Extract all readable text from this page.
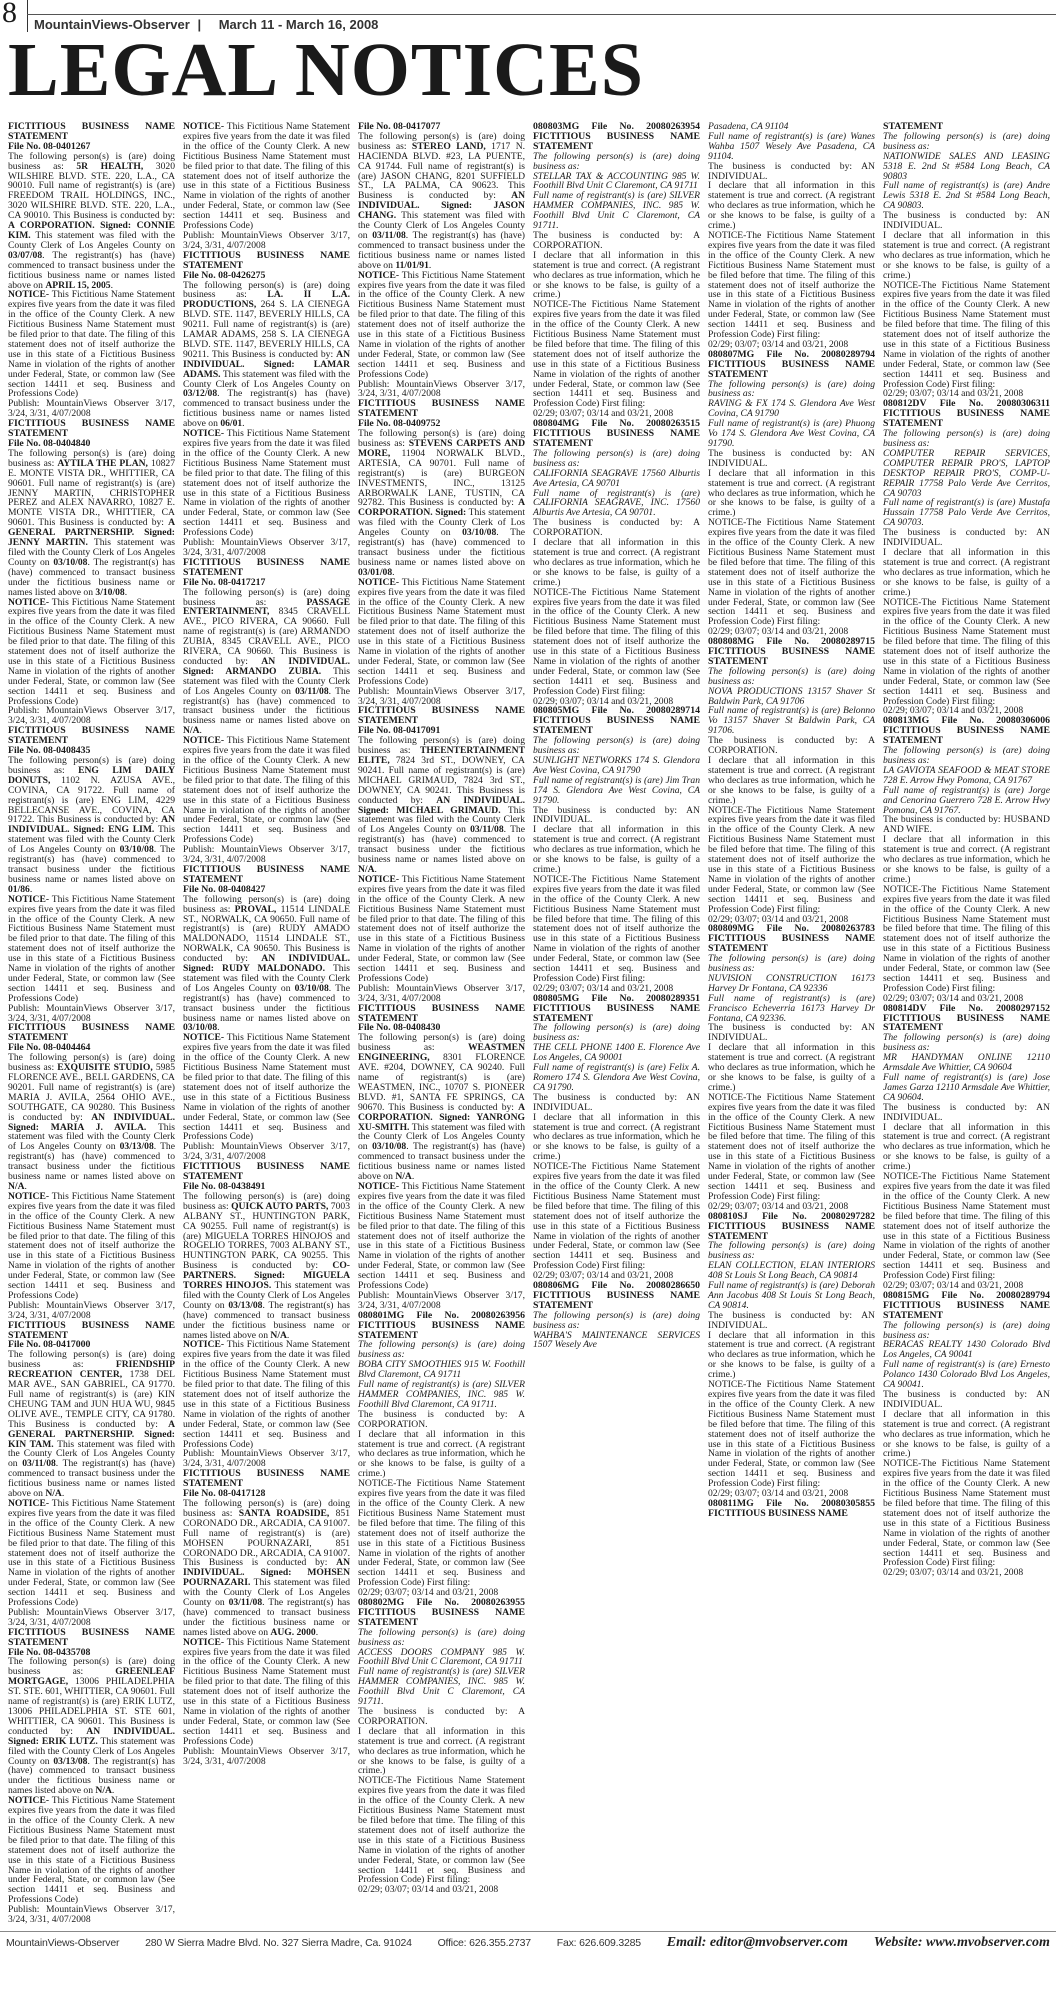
8 MountainViews-Observer | March 11 - March 16, 2008
LEGAL NOTICES

FICTITIOUS BUSINESS NAME STATEMENT

File No. 08-0401267

The following person(s) is (are) doing business as: 5R HEALTH, 3020 WILSHIRE BLVD. STE. 220, L.A., CA 90010. Full name of registrant(s) is (are) FREEDOM TRAIL HOLDINGS, INC., 3020 WILSHIRE BLVD. STE. 220, L.A., CA 90010. This Business is conducted by: A CORPORATION. Signed: CONNIE KIM. This statement was filed with the County Clerk of Los Angeles County on 03/07/08. The registrant(s) has (have) commenced to transact business under the fictitious business name or names listed above on APRIL 15, 2005.

NOTICE- This Fictitious Name Statement expires five years from the date it was filed in the office of the County Clerk. A new Fictitious Business Name Statement must be filed prior to that date. The filing of this statement does not of itself authorize the use in this state of a Fictitious Business Name in violation of the rights of another under Federal, State, or common law (See section 14411 et seq. Business and Professions Code)

Publish: MountainViews Observer 3/17, 3/24, 3/31, 4/07/2008

FICTITIOUS BUSINESS NAME STATEMENT

File No. 08-0404840

The following person(s) is (are) doing business as: AYTILA THE PLAN, 10827 E. MONTE VISTA DR., WHITTIER, CA 90601. Full name of registrant(s) is (are) JENNY MARTIN, CHRISTOPHER PEREZ and ALEX NAVARRO, 10827 E. MONTE VISTA DR., WHITTIER, CA 90601. This Business is conducted by: A GENERAL PARTNERSHIP. Signed: JENNY MARTIN. This statement was filed with the County Clerk of Los Angeles County on 03/10/08. The registrant(s) has (have) commenced to transact business under the fictitious business name or names listed above on 3/10/08.

NOTICE- This Fictitious Name Statement expires five years from the date it was filed in the office of the County Clerk. A new Fictitious Business Name Statement must be filed prior to that date. The filing of this statement does not of itself authorize the use in this state of a Fictitious Business Name in violation of the rights of another under Federal, State, or common law (See section 14411 et seq. Business and Professions Code)

Publish: MountainViews Observer 3/17, 3/24, 3/31, 4/07/2008

FICTITIOUS BUSINESS NAME STATEMENT

File No. 08-0408435

The following person(s) is (are) doing business as: ENG LIM DAILY DONUTS, 1102 N. AZUSA AVE., COVINA, CA 91722. Full name of registrant(s) is (are) ENG LIM, 4229 BELLECANSE AVE., COVINA, CA 91722. This Business is conducted by: AN INDIVIDUAL. Signed: ENG LIM. This statement was filed with the County Clerk of Los Angeles County on 03/10/08. The registrant(s) has (have) commenced to transact business under the fictitious business name or names listed above on 01/86.

NOTICE- This Fictitious Name Statement expires five years from the date it was filed in the office of the County Clerk. A new Fictitious Business Name Statement must be filed prior to that date. The filing of this statement does not of itself authorize the use in this state of a Fictitious Business Name in violation of the rights of another under Federal, State, or common law (See section 14411 et seq. Business and Professions Code)

Publish: MountainViews Observer 3/17, 3/24, 3/31, 4/07/2008

FICTITIOUS BUSINESS NAME STATEMENT

File No. 08-0404464

The following person(s) is (are) doing business as: EXQUISITE STUDIO, 5985 FLORENCE AVE., BELL GARDENS, CA 90201. Full name of registrant(s) is (are) MARIA J. AVILA, 2564 OHIO AVE., SOUTHGATE, CA 90280. This Business is conducted by: AN INDIVIDUAL. Signed: MARIA J. AVILA. This statement was filed with the County Clerk of Los Angeles County on 03/13/08. The registrant(s) has (have) commenced to transact business under the fictitious business name or names listed above on N/A.

NOTICE- This Fictitious Name Statement expires five years from the date it was filed in the office of the County Clerk. A new Fictitious Business Name Statement must be filed prior to that date. The filing of this statement does not of itself authorize the use in this state of a Fictitious Business Name in violation of the rights of another under Federal, State, or common law (See section 14411 et seq. Business and Professions Code)

Publish: MountainViews Observer 3/17, 3/24, 3/31, 4/07/2008

FICTITIOUS BUSINESS NAME STATEMENT

File No. 08-0417000

The following person(s) is (are) doing business as: FRIENDSHIP RECREATION CENTER, 1738 DEL MAR AVE., SAN GABRIEL, CA 91770. Full name of registrant(s) is (are) KIN CHEUNG TAM and JUN HUA WU, 9845 OLIVE AVE., TEMPLE CITY, CA 91780. This Business is conducted by: A GENERAL PARTNERSHIP. Signed: KIN TAM. This statement was filed with the County Clerk of Los Angeles County on 03/11/08. The registrant(s) has (have) commenced to transact business under the fictitious business name or names listed above on N/A.

NOTICE- This Fictitious Name Statement expires five years from the date it was filed in the office of the County Clerk. A new Fictitious Business Name Statement must be filed prior to that date. The filing of this statement does not of itself authorize the use in this state of a Fictitious Business Name in violation of the rights of another under Federal, State, or common law (See section 14411 et seq. Business and Professions Code)

Publish: MountainViews Observer 3/17, 3/24, 3/31, 4/07/2008

FICTITIOUS BUSINESS NAME STATEMENT

File No. 08-0435708

The following person(s) is (are) doing business as: GREENLEAF MORTGAGE, 13006 PHILADELPHIA ST. STE. 601, WHITTIER, CA 90601. Full name of registrant(s) is (are) ERIK LUTZ, 13006 PHILADELPHIA ST. STE 601, WHITTIER, CA 90601. This Business is conducted by: AN INDIVIDUAL. Signed: ERIK LUTZ. This statement was filed with the County Clerk of Los Angeles County on 03/13/08. The registrant(s) has (have) commenced to transact business under the fictitious business name or names listed above on N/A.

NOTICE- This Fictitious Name Statement expires five years from the date it was filed in the office of the County Clerk. A new Fictitious Business Name Statement must be filed prior to that date. The filing of this statement does not of itself authorize the use in this state of a Fictitious Business Name in violation of the rights of another under Federal, State, or common law (See section 14411 et seq. Business and Professions Code)

Publish: MountainViews Observer 3/17, 3/24, 3/31, 4/07/2008

NOTICE- This Fictitious Name Statement expires five years from the date it was filed in the office of the County Clerk. A new Fictitious Business Name Statement must be filed prior to that date. The filing of this statement does not of itself authorize the use in this state of a Fictitious Business Name in violation of the rights of another under Federal, State, or common law (See section 14411 et seq. Business and Professions Code)

Publish: MountainViews Observer 3/17, 3/24, 3/31, 4/07/2008

FICTITIOUS BUSINESS NAME STATEMENT

File No. 08-0426275

The following person(s) is (are) doing business as: LA. II L.A. PRODUCTIONS, 264 S. LA CIENEGA BLVD. STE. 1147, BEVERLY HILLS, CA 90211. Full name of registrant(s) is (are) LAMAR ADAMS, 258 S. LA CIENEGA BLVD. STE. 1147, BEVERLY HILLS, CA 90211. This Business is conducted by: AN INDIVIDUAL. Signed: LAMAR ADAMS. This statement was filed with the County Clerk of Los Angeles County on 03/12/08. The registrant(s) has (have) commenced to transact business under the fictitious business name or names listed above on 06/01.

NOTICE- This Fictitious Name Statement expires five years from the date it was filed in the office of the County Clerk. A new Fictitious Business Name Statement must be filed prior to that date. The filing of this statement does not of itself authorize the use in this state of a Fictitious Business Name in violation of the rights of another under Federal, State, or common law (See section 14411 et seq. Business and Professions Code)

Publish: MountainViews Observer 3/17, 3/24, 3/31, 4/07/2008

FICTITIOUS BUSINESS NAME STATEMENT

File No. 08-0417217

The following person(s) is (are) doing business as: PASSAGE ENTERTAINMENT, 8345 CRAVELL AVE., PICO RIVERA, CA 90660. Full name of registrant(s) is (are) ARMANDO ZUBIA, 8345 CRAVELL AVE., PICO RIVERA, CA 90660. This Business is conducted by: AN INDIVIDUAL. Signed: ARMANDO ZUBIA. This statement was filed with the County Clerk of Los Angeles County on 03/11/08. The registrant(s) has (have) commenced to transact business under the fictitious business name or names listed above on N/A.

NOTICE- This Fictitious Name Statement expires five years from the date it was filed in the office of the County Clerk. A new Fictitious Business Name Statement must be filed prior to that date. The filing of this statement does not of itself authorize the use in this state of a Fictitious Business Name in violation of the rights of another under Federal, State, or common law (See section 14411 et seq. Business and Professions Code)

Publish: MountainViews Observer 3/17, 3/24, 3/31, 4/07/2008

FICTITIOUS BUSINESS NAME STATEMENT

File No. 08-0408427

The following person(s) is (are) doing business as: PROVAL, 11514 LINDALE ST., NORWALK, CA 90650. Full name of registrant(s) is (are) RUDY AMADO MALDONADO, 11514 LINDALE ST., NORWALK, CA 90650. This Business is conducted by: AN INDIVIDUAL. Signed: RUDY MALDONADO. This statement was filed with the County Clerk of Los Angeles County on 03/10/08. The registrant(s) has (have) commenced to transact business under the fictitious business name or names listed above on 03/10/08.

NOTICE- This Fictitious Name Statement expires five years from the date it was filed in the office of the County Clerk. A new Fictitious Business Name Statement must be filed prior to that date. The filing of this statement does not of itself authorize the use in this state of a Fictitious Business Name in violation of the rights of another under Federal, State, or common law (See section 14411 et seq. Business and Professions Code)

Publish: MountainViews Observer 3/17, 3/24, 3/31, 4/07/2008

FICTITIOUS BUSINESS NAME STATEMENT

File No. 08-0438491

The following person(s) is (are) doing business as: QUICK AUTO PARTS, 7003 ALBANY ST., HUNTINGTON PARK, CA 90255. Full name of registrant(s) is (are) MIGUELA TORRES HINOJOS and ROGELIO TORRES, 7003 ALBANY ST., HUNTINGTON PARK, CA 90255. This Business is conducted by: CO-PARTNERS. Signed: MIGUELA TORRES HINOJOS. This statement was filed with the County Clerk of Los Angeles County on 03/13/08. The registrant(s) has (have) commenced to transact business under the fictitious business name or names listed above on N/A.

NOTICE- This Fictitious Name Statement expires five years from the date it was filed in the office of the County Clerk. A new Fictitious Business Name Statement must be filed prior to that date. The filing of this statement does not of itself authorize the use in this state of a Fictitious Business Name in violation of the rights of another under Federal, State, or common law (See section 14411 et seq. Business and Professions Code)

Publish: MountainViews Observer 3/17, 3/24, 3/31, 4/07/2008

FICTITIOUS BUSINESS NAME STATEMENT

File No. 08-0417128

The following person(s) is (are) doing business as: SANTA ROADSIDE, 851 CORONADO DR., ARCADIA, CA 91007. Full name of registrant(s) is (are) MOHSEN POURNAZARI, 851 CORONADO DR., ARCADIA, CA 91007. This Business is conducted by: AN INDIVIDUAL. Signed: MOHSEN POURNAZARI. This statement was filed with the County Clerk of Los Angeles County on 03/11/08. The registrant(s) has (have) commenced to transact business under the fictitious business name or names listed above on AUG. 2000.

NOTICE- This Fictitious Name Statement expires five years from the date it was filed in the office of the County Clerk. A new Fictitious Business Name Statement must be filed prior to that date. The filing of this statement does not of itself authorize the use in this state of a Fictitious Business Name in violation of the rights of another under Federal, State, or common law (See section 14411 et seq. Business and Professions Code)

Publish: MountainViews Observer 3/17, 3/24, 3/31, 4/07/2008

File No. 08-0417077

The following person(s) is (are) doing business as: STEREO LAND, 1717 N. HACIENDA BLVD. #23, LA PUENTE, CA 91744. Full name of registrant(s) is (are) JASON CHANG, 8201 SUFFIELD ST., LA PALMA, CA 90623. This Business is conducted by: AN INDIVIDUAL. Signed: JASON CHANG. This statement was filed with the County Clerk of Los Angeles County on 03/11/08. The registrant(s) has (have) commenced to transact business under the fictitious business name or names listed above on 11/01/91.

NOTICE- This Fictitious Name Statement expires five years from the date it was filed in the office of the County Clerk. A new Fictitious Business Name Statement must be filed prior to that date. The filing of this statement does not of itself authorize the use in this state of a Fictitious Business Name in violation of the rights of another under Federal, State, or common law (See section 14411 et seq. Business and Professions Code)

Publish: MountainViews Observer 3/17, 3/24, 3/31, 4/07/2008

FICTITIOUS BUSINESS NAME STATEMENT

File No. 08-0409752

The following person(s) is (are) doing business as: STEVENS CARPETS AND MORE, 11904 NORWALK BLVD., ARTESIA, CA 90701. Full name of registrant(s) is (are) BURGEON INVESTMENTS, INC., 13125 ARBORWALK LANE, TUSTIN, CA 92782. This Business is conducted by: A CORPORATION. Signed: This statement was filed with the County Clerk of Los Angeles County on 03/10/08. The registrant(s) has (have) commenced to transact business under the fictitious business name or names listed above on 03/01/08.

NOTICE- This Fictitious Name Statement expires five years from the date it was filed in the office of the County Clerk. A new Fictitious Business Name Statement must be filed prior to that date. The filing of this statement does not of itself authorize the use in this state of a Fictitious Business Name in violation of the rights of another under Federal, State, or common law (See section 14411 et seq. Business and Professions Code)

Publish: MountainViews Observer 3/17, 3/24, 3/31, 4/07/2008

FICTITIOUS BUSINESS NAME STATEMENT

File No. 08-0417091

The following person(s) is (are) doing business as: THEENTERTAINMENT ELITE, 7824 3rd ST., DOWNEY, CA 90241. Full name of registrant(s) is (are) MICHAEL GRIMAUD, 7824 3rd ST., DOWNEY, CA 90241. This Business is conducted by: AN INDIVIDUAL. Signed: MICHAEL GRIMAUD. This statement was filed with the County Clerk of Los Angeles County on 03/11/08. The registrant(s) has (have) commenced to transact business under the fictitious business name or names listed above on N/A.

NOTICE- This Fictitious Name Statement expires five years from the date it was filed in the office of the County Clerk. A new Fictitious Business Name Statement must be filed prior to that date. The filing of this statement does not of itself authorize the use in this state of a Fictitious Business Name in violation of the rights of another under Federal, State, or common law (See section 14411 et seq. Business and Professions Code)

Publish: MountainViews Observer 3/17, 3/24, 3/31, 4/07/2008

FICTITIOUS BUSINESS NAME STATEMENT

File No. 08-0408430

The following person(s) is (are) doing business as: WEASTMEN ENGINEERING, 8301 FLORENCE AVE. #204, DOWNEY, CA 90240. Full name of registrant(s) is (are) WEASTMEN, INC., 10707 S. PIONEER BLVD. #1, SANTA FE SPRINGS, CA 90670. This Business is conducted by: A CORPORATION. Signed: YANRONG XU-SMITH. This statement was filed with the County Clerk of Los Angeles County on 03/10/08. The registrant(s) has (have) commenced to transact business under the fictitious business name or names listed above on N/A.

NOTICE- This Fictitious Name Statement expires five years from the date it was filed in the office of the County Clerk. A new Fictitious Business Name Statement must be filed prior to that date. The filing of this statement does not of itself authorize the use in this state of a Fictitious Business Name in violation of the rights of another under Federal, State, or common law (See section 14411 et seq. Business and Professions Code)

Publish: MountainViews Observer 3/17, 3/24, 3/31, 4/07/2008

080801MG File No. 20080263956 FICTITIOUS BUSINESS NAME STATEMENT

The following person(s) is (are) doing business as:

BOBA CITY SMOOTHIES 915 W. Foothill Blvd Claremont, CA 91711

Full name of registrant(s) is (are) SILVER HAMMER COMPANIES, INC. 985 W. Foothill Blvd Claremont, CA 91711.

The business is conducted by: A CORPORATION.

I declare that all information in this statement is true and correct. (A registrant who declares as true information, which he or she knows to be false, is guilty of a crime.)

NOTICE-The Fictitious Name Statement expires five years from the date it was filed in the office of the County Clerk. A new Fictitious Business Name Statement must be filed before that time. The filing of this statement does not of itself authorize the use in this state of a Fictitious Business Name in violation of the rights of another under Federal, State, or common law (See section 14411 et seq. Business and Profession Code) First filing:

02/29; 03/07; 03/14 and 03/21, 2008

080802MG File No. 20080263955 FICTITIOUS BUSINESS NAME STATEMENT

The following person(s) is (are) doing business as:

ACCESS DOORS COMPANY 985 W. Foothill Blvd Unit C Claremont, CA 91711

Full name of registrant(s) is (are) SILVER HAMMER COMPANIES, INC. 985 W. Foothill Blvd Unit C Claremont, CA 91711.

The business is conducted by: A CORPORATION.

I declare that all information in this statement is true and correct. (A registrant who declares as true information, which he or she knows to be false, is guilty of a crime.)

NOTICE-The Fictitious Name Statement expires five years from the date it was filed in the office of the County Clerk. A new Fictitious Business Name Statement must be filed before that time. The filing of this statement does not of itself authorize the use in this state of a Fictitious Business Name in violation of the rights of another under Federal, State, or common law (See section 14411 et seq. Business and Profession Code) First filing:

02/29; 03/07; 03/14 and 03/21, 2008

080803MG File No. 20080263954 FICTITIOUS BUSINESS NAME STATEMENT

The following person(s) is (are) doing business as:

STELLAR TAX & ACCOUNTING 985 W. Foothill Blvd Unit C Claremont, CA 91711

Full name of registrant(s) is (are) SILVER HAMMER COMPANIES, INC. 985 W. Foothill Blvd Unit C Claremont, CA 91711.

The business is conducted by: A CORPORATION.

I declare that all information in this statement is true and correct. (A registrant who declares as true information, which he or she knows to be false, is guilty of a crime.)

NOTICE-The Fictitious Name Statement expires five years from the date it was filed in the office of the County Clerk. A new Fictitious Business Name Statement must be filed before that time. The filing of this statement does not of itself authorize the use in this state of a Fictitious Business Name in violation of the rights of another under Federal, State, or common law (See section 14411 et seq. Business and Profession Code) First filing:

02/29; 03/07; 03/14 and 03/21, 2008

080804MG File No. 20080263515 FICTITIOUS BUSINESS NAME STATEMENT

The following person(s) is (are) doing business as:

CALIFORNIA SEAGRAVE 17560 Alburtis Ave Artesia, CA 90701

Full name of registrant(s) is (are) CALIFORNIA SEAGRAVE, INC. 17560 Alburtis Ave Artesia, CA 90701.

The business is conducted by: A CORPORATION.

I declare that all information in this statement is true and correct. (A registrant who declares as true information, which he or she knows to be false, is guilty of a crime.)

NOTICE-The Fictitious Name Statement expires five years from the date it was filed in the office of the County Clerk. A new Fictitious Business Name Statement must be filed before that time. The filing of this statement does not of itself authorize the use in this state of a Fictitious Business Name in violation of the rights of another under Federal, State, or common law (See section 14411 et seq. Business and Profession Code) First filing:

02/29; 03/07; 03/14 and 03/21, 2008

080805MG File No. 20080289714 FICTITIOUS BUSINESS NAME STATEMENT

The following person(s) is (are) doing business as:

SUNLIGHT NETWORKS 174 S. Glendora Ave West Covina, CA 91790

Full name of registrant(s) is (are) Jim Tran 174 S. Glendora Ave West Covina, CA 91790.

The business is conducted by: AN INDIVIDUAL.

I declare that all information in this statement is true and correct. (A registrant who declares as true information, which he or she knows to be false, is guilty of a crime.)

NOTICE-The Fictitious Name Statement expires five years from the date it was filed in the office of the County Clerk. A new Fictitious Business Name Statement must be filed before that time. The filing of this statement does not of itself authorize the use in this state of a Fictitious Business Name in violation of the rights of another under Federal, State, or common law (See section 14411 et seq. Business and Profession Code) First filing:

02/29; 03/07; 03/14 and 03/21, 2008

080805MG File No. 20080289351 FICTITIOUS BUSINESS NAME STATEMENT

The following person(s) is (are) doing business as:

THE CELL PHONE 1400 E. Florence Ave Los Angeles, CA 90001

Full name of registrant(s) is (are) Felix A. Romero 174 S. Glendora Ave West Covina, CA 91790.

The business is conducted by: AN INDIVIDUAL.

I declare that all information in this statement is true and correct. (A registrant who declares as true information, which he or she knows to be false, is guilty of a crime.)

NOTICE-The Fictitious Name Statement expires five years from the date it was filed in the office of the County Clerk. A new Fictitious Business Name Statement must be filed before that time. The filing of this statement does not of itself authorize the use in this state of a Fictitious Business Name in violation of the rights of another under Federal, State, or common law (See section 14411 et seq. Business and Profession Code) First filing:

02/29; 03/07; 03/14 and 03/21, 2008

080806MG File No. 20080286650 FICTITIOUS BUSINESS NAME STATEMENT

The following person(s) is (are) doing business as:

WAHBA'S MAINTENANCE SERVICES 1507 Wesely Ave

Pasadena, CA 91104

Full name of registrant(s) is (are) Wanes Wahba 1507 Wesely Ave Pasadena, CA 91104.

The business is conducted by: AN INDIVIDUAL.

I declare that all information in this statement is true and correct. (A registrant who declares as true information, which he or she knows to be false, is guilty of a crime.)

NOTICE-The Fictitious Name Statement expires five years from the date it was filed in the office of the County Clerk. A new Fictitious Business Name Statement must be filed before that time. The filing of this statement does not of itself authorize the use in this state of a Fictitious Business Name in violation of the rights of another under Federal, State, or common law (See section 14411 et seq. Business and Profession Code) First filing:

02/29; 03/07; 03/14 and 03/21, 2008

080807MG File No. 20080289794 FICTITIOUS BUSINESS NAME STATEMENT

The following person(s) is (are) doing business as:

RAVING & FX 174 S. Glendora Ave West Covina, CA 91790

Full name of registrant(s) is (are) Phuong Vo 174 S. Glendora Ave West Covina, CA 91790.

The business is conducted by: AN INDIVIDUAL.

I declare that all information in this statement is true and correct. (A registrant who declares as true information, which he or she knows to be false, is guilty of a crime.)

NOTICE-The Fictitious Name Statement expires five years from the date it was filed in the office of the County Clerk. A new Fictitious Business Name Statement must be filed before that time. The filing of this statement does not of itself authorize the use in this state of a Fictitious Business Name in violation of the rights of another under Federal, State, or common law (See section 14411 et seq. Business and Profession Code) First filing:

02/29; 03/07; 03/14 and 03/21, 2008

080808MG File No. 20080289715 FICTITIOUS BUSINESS NAME STATEMENT

The following person(s) is (are) doing business as:

NOVA PRODUCTIONS 13157 Shaver St Baldwin Park, CA 91706

Full name of registrant(s) is (are) Belonno Vo 13157 Shaver St Baldwin Park, CA 91706.

The business is conducted by: A CORPORATION.

I declare that all information in this statement is true and correct. (A registrant who declares as true information, which he or she knows to be false, is guilty of a crime.)

NOTICE-The Fictitious Name Statement expires five years from the date it was filed in the office of the County Clerk. A new Fictitious Business Name Statement must be filed before that time. The filing of this statement does not of itself authorize the use in this state of a Fictitious Business Name in violation of the rights of another under Federal, State, or common law (See section 14411 et seq. Business and Profession Code) First filing:

02/29; 03/07; 03/14 and 03/21, 2008

080809MG File No. 20080263783 FICTITIOUS BUSINESS NAME STATEMENT

The following person(s) is (are) doing business as:

NUVISION CONSTRUCTION 16173 Harvey Dr Fontana, CA 92336

Full name of registrant(s) is (are) Francisco Echeverria 16173 Harvey Dr Fontana, CA 92336.

The business is conducted by: AN INDIVIDUAL.

I declare that all information in this statement is true and correct. (A registrant who declares as true information, which he or she knows to be false, is guilty of a crime.)

NOTICE-The Fictitious Name Statement expires five years from the date it was filed in the office of the County Clerk. A new Fictitious Business Name Statement must be filed before that time. The filing of this statement does not of itself authorize the use in this state of a Fictitious Business Name in violation of the rights of another under Federal, State, or common law (See section 14411 et seq. Business and Profession Code) First filing:

02/29; 03/07; 03/14 and 03/21, 2008

080810SJ File No. 20080297282 FICTITIOUS BUSINESS NAME STATEMENT

The following person(s) is (are) doing business as:

ELAN COLLECTION, ELAN INTERIORS 408 St Louis St Long Beach, CA 90814

Full name of registrant(s) is (are) Deborah Ann Jacobus 408 St Louis St Long Beach, CA 90814.

The business is conducted by: AN INDIVIDUAL.

I declare that all information in this statement is true and correct. (A registrant who declares as true information, which he or she knows to be false, is guilty of a crime.)

NOTICE-The Fictitious Name Statement expires five years from the date it was filed in the office of the County Clerk. A new Fictitious Business Name Statement must be filed before that time. The filing of this statement does not of itself authorize the use in this state of a Fictitious Business Name in violation of the rights of another under Federal, State, or common law (See section 14411 et seq. Business and Profession Code) First filing:

02/29; 03/07; 03/14 and 03/21, 2008

080811MG File No. 20080305855 FICTITIOUS BUSINESS NAME

STATEMENT

The following person(s) is (are) doing business as:

NATIONWIDE SALES AND LEASING 5318 E. 2nd St #584 Long Beach, CA 90803

Full name of registrant(s) is (are) Andre Lewis 5318 E. 2nd St #584 Long Beach, CA 90803.

The business is conducted by: AN INDIVIDUAL.

I declare that all information in this statement is true and correct. (A registrant who declares as true information, which he or she knows to be false, is guilty of a crime.)

NOTICE-The Fictitious Name Statement expires five years from the date it was filed in the office of the County Clerk. A new Fictitious Business Name Statement must be filed before that time. The filing of this statement does not of itself authorize the use in this state of a Fictitious Business Name in violation of the rights of another under Federal, State, or common law (See section 14411 et seq. Business and Profession Code) First filing:

02/29; 03/07; 03/14 and 03/21, 2008

080812DV File No. 20080306311 FICTITIOUS BUSINESS NAME STATEMENT

The following person(s) is (are) doing business as:

COMPUTER REPAIR SERVICES, COMPUTER REPAIR PRO'S, LAPTOP DESKTOP REPAIR PRO'S, COMP-U-REPAIR 17758 Palo Verde Ave Cerritos, CA 90703

Full name of registrant(s) is (are) Mustafa Hussain 17758 Palo Verde Ave Cerritos, CA 90703.

The business is conducted by: AN INDIVIDUAL.

I declare that all information in this statement is true and correct. (A registrant who declares as true information, which he or she knows to be false, is guilty of a crime.)

NOTICE-The Fictitious Name Statement expires five years from the date it was filed in the office of the County Clerk. A new Fictitious Business Name Statement must be filed before that time. The filing of this statement does not of itself authorize the use in this state of a Fictitious Business Name in violation of the rights of another under Federal, State, or common law (See section 14411 et seq. Business and Profession Code) First filing:

02/29; 03/07; 03/14 and 03/21, 2008

080813MG File No. 20080306006 FICTITIOUS BUSINESS NAME STATEMENT

The following person(s) is (are) doing business as:

LA GAVIOTA SEAFOOD & MEAT STORE 728 E. Arrow Hwy Pomona, CA 91767

Full name of registrant(s) is (are) Jorge and Cenorina Guerrero 728 E. Arrow Hwy Pomona, CA 91767.

The business is conducted by: HUSBAND AND WIFE.

I declare that all information in this statement is true and correct. (A registrant who declares as true information, which he or she knows to be false, is guilty of a crime.)

NOTICE-The Fictitious Name Statement expires five years from the date it was filed in the office of the County Clerk. A new Fictitious Business Name Statement must be filed before that time. The filing of this statement does not of itself authorize the use in this state of a Fictitious Business Name in violation of the rights of another under Federal, State, or common law (See section 14411 et seq. Business and Profession Code) First filing:

02/29; 03/07; 03/14 and 03/21, 2008

080814DV File No. 20080297152 FICTITIOUS BUSINESS NAME STATEMENT

The following person(s) is (are) doing business as:

MR HANDYMAN ONLINE 12110 Armsdale Ave Whittier, CA 90604

Full name of registrant(s) is (are) Jose James Garza 12110 Armsdale Ave Whittier, CA 90604.

The business is conducted by: AN INDIVIDUAL.

I declare that all information in this statement is true and correct. (A registrant who declares as true information, which he or she knows to be false, is guilty of a crime.)

NOTICE-The Fictitious Name Statement expires five years from the date it was filed in the office of the County Clerk. A new Fictitious Business Name Statement must be filed before that time. The filing of this statement does not of itself authorize the use in this state of a Fictitious Business Name in violation of the rights of another under Federal, State, or common law (See section 14411 et seq. Business and Profession Code) First filing:

02/29; 03/07; 03/14 and 03/21, 2008

080815MG File No. 20080289794 FICTITIOUS BUSINESS NAME STATEMENT

The following person(s) is (are) doing business as:

BERACAS REALTY 1430 Colorado Blvd Los Angeles, CA 90041

Full name of registrant(s) is (are) Ernesto Polanco 1430 Colorado Blvd Los Angeles, CA 90041.

The business is conducted by: AN INDIVIDUAL.

I declare that all information in this statement is true and correct. (A registrant who declares as true information, which he or she knows to be false, is guilty of a crime.)

NOTICE-The Fictitious Name Statement expires five years from the date it was filed in the office of the County Clerk. A new Fictitious Business Name Statement must be filed before that time. The filing of this statement does not of itself authorize the use in this state of a Fictitious Business Name in violation of the rights of another under Federal, State, or common law (See section 14411 et seq. Business and Profession Code) First filing:

02/29; 03/07; 03/14 and 03/21, 2008

MountainViews-Observer 280 W Sierra Madre Blvd. No. 327 Sierra Madre, Ca. 91024 Office: 626.355.2737 Fax: 626.609.3285 Email: editor@mvobserver.com Website: www.mvobserver.com
